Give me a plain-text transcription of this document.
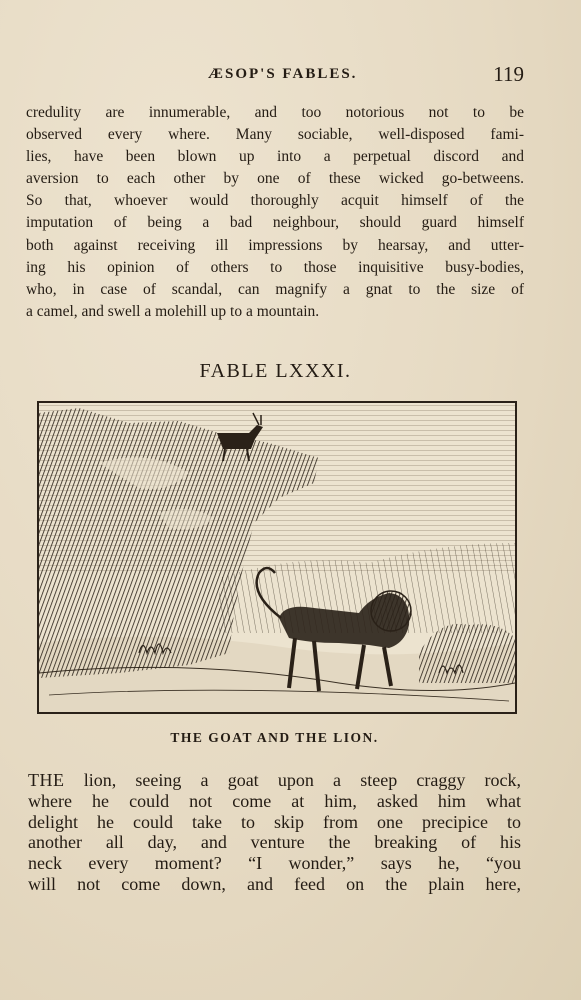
ÆSOP'S FABLES.	119
credulity are innumerable, and too notorious not to be
observed every where. Many sociable, well-disposed fami-
lies, have been blown up into a perpetual discord and
aversion to each other by one of these wicked go-betweens.
So that, whoever would thoroughly acquit himself of the
imputation of being a bad neighbour, should guard himself
both against receiving ill impressions by hearsay, and utter-
ing his opinion of others to those inquisitive busy-bodies,
who, in case of scandal, can magnify a gnat to the size of
a camel, and swell a molehill up to a mountain.
FABLE LXXXI.
THE GOAT AND THE LION.
THE lion, seeing a goat upon a steep craggy rock,
where he could not come at him, asked him what
delight he could take to skip from one precipice to
another all day, and venture the breaking of his
neck every moment? “I wonder,” says he, “you
will not come down, and feed on the plain here,
